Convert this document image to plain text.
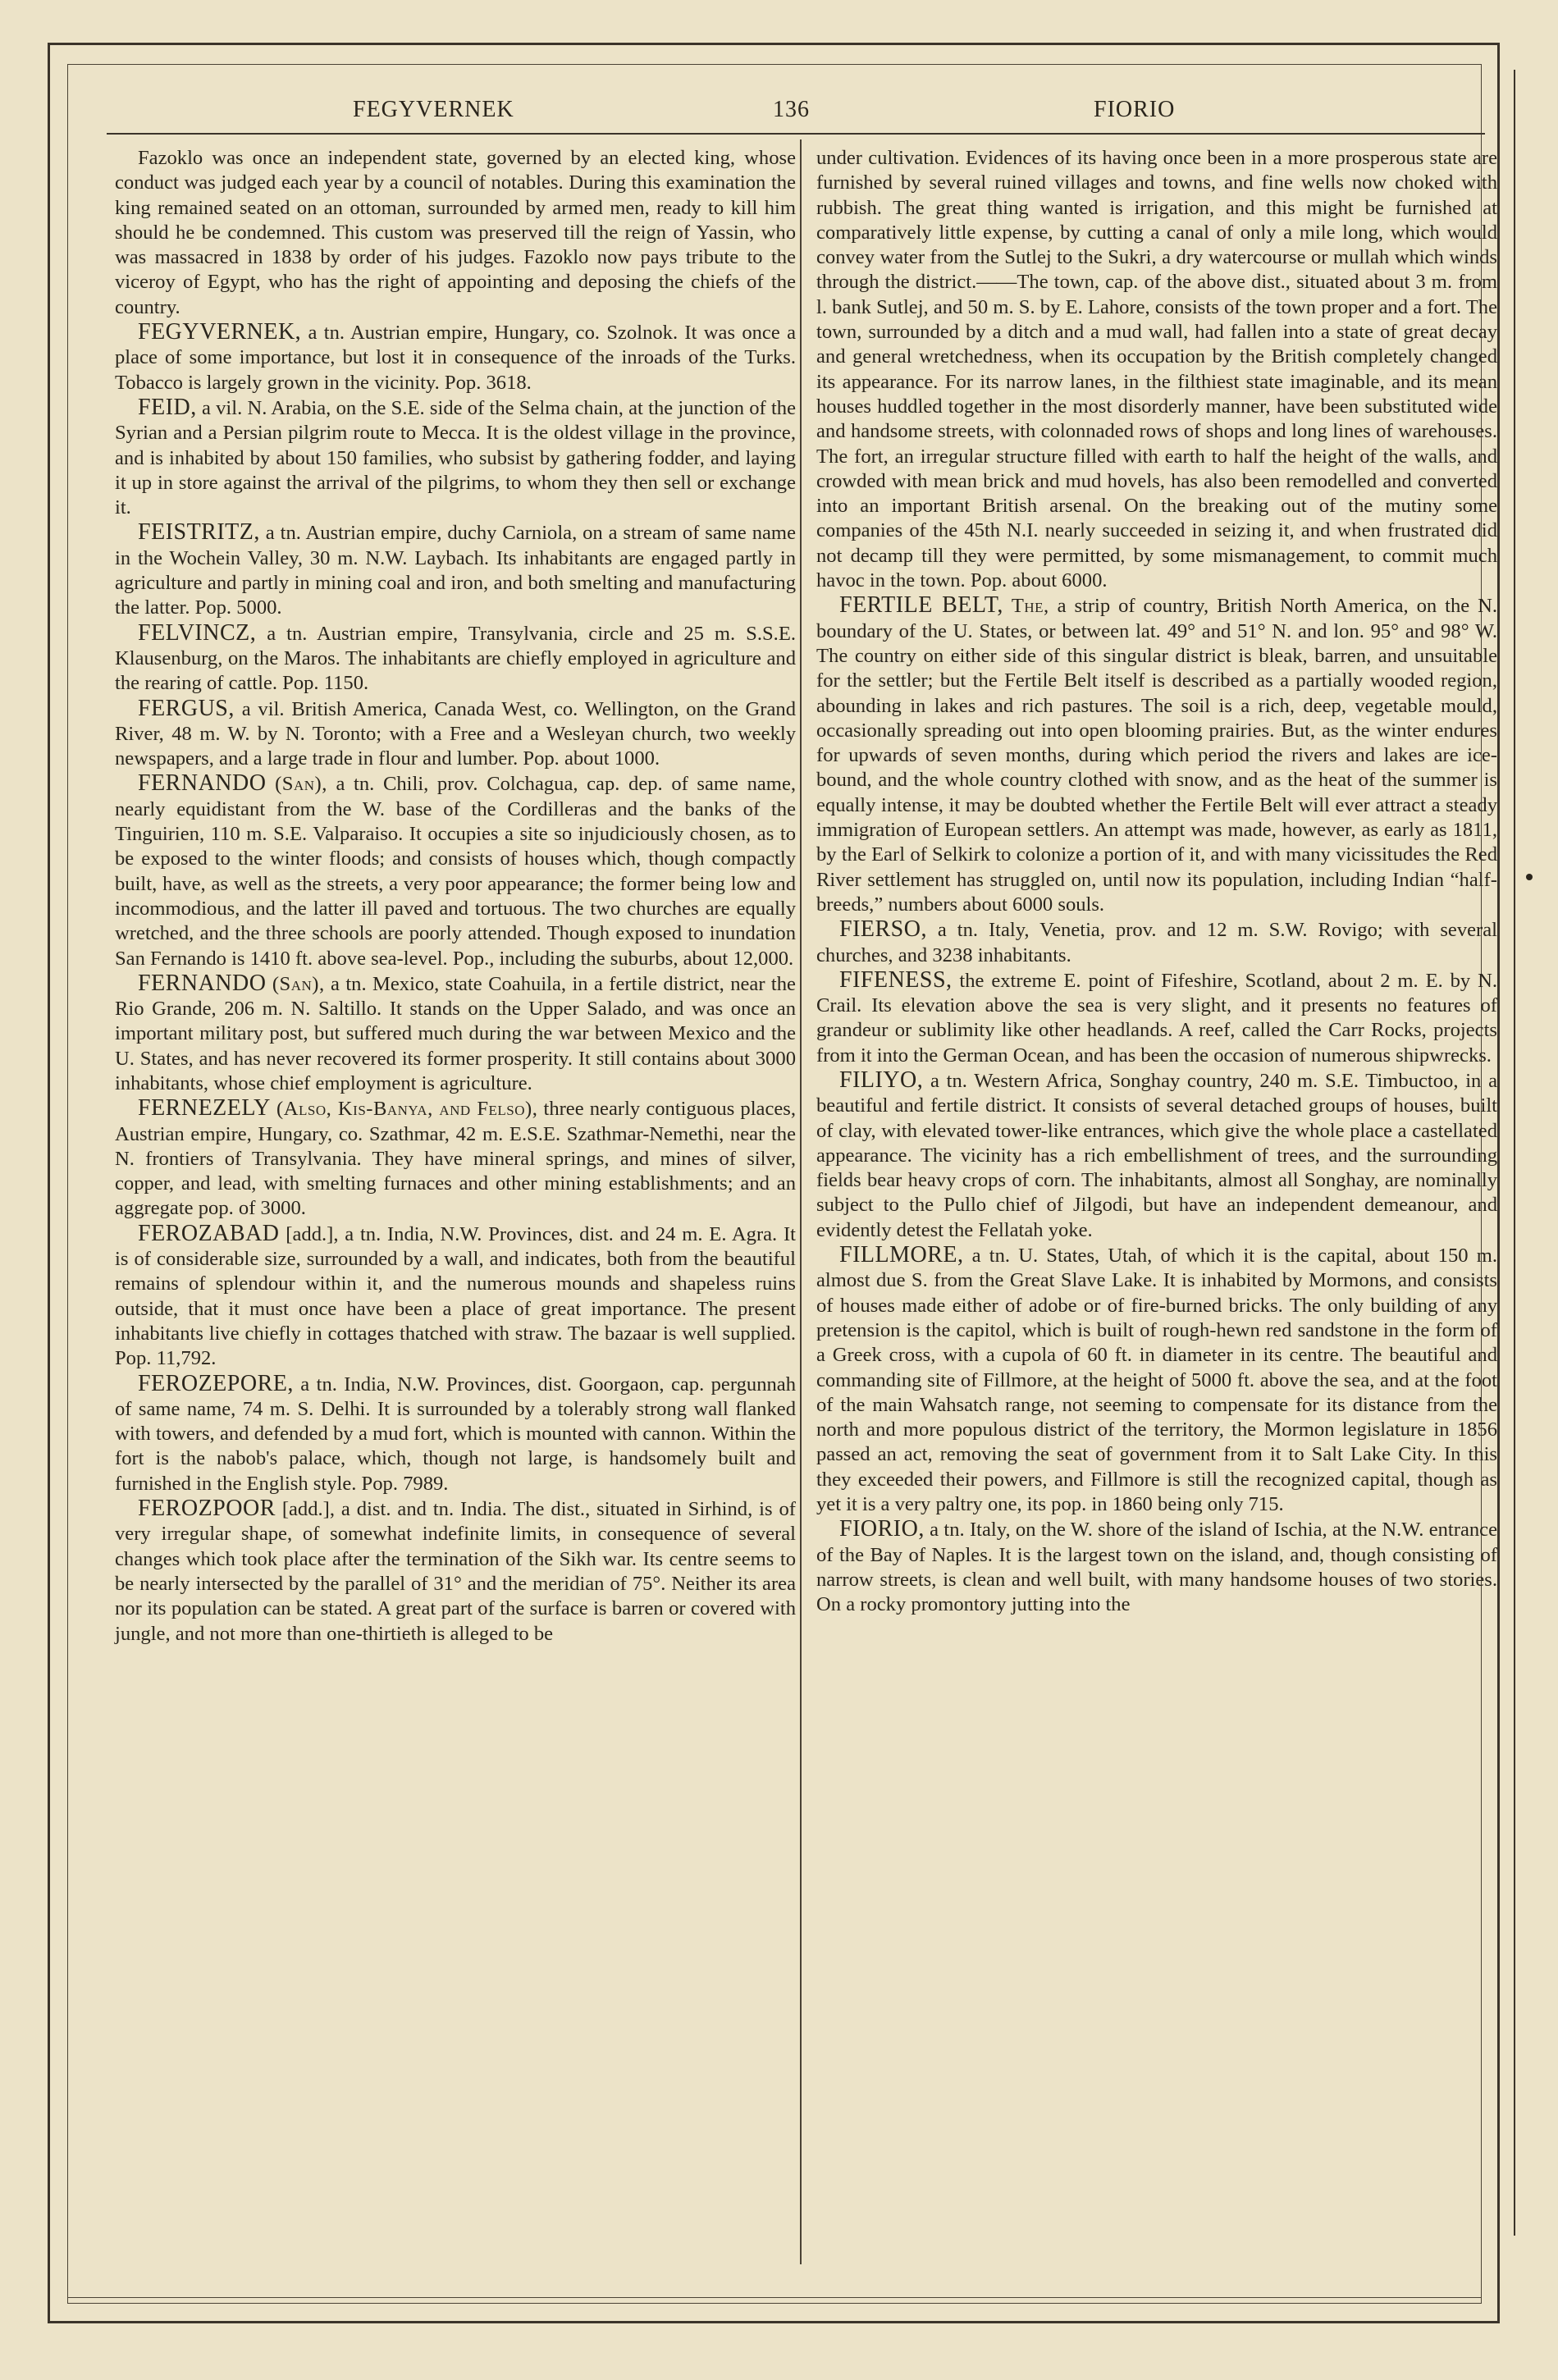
FEGYVERNEK	136	FIORIO

Fazoklo was once an independent state, governed by an elected king, whose conduct was judged each year by a council of notables. During this examination the king remained seated on an ottoman, surrounded by armed men, ready to kill him should he be condemned. This custom was preserved till the reign of Yassin, who was massacred in 1838 by order of his judges. Fazoklo now pays tribute to the viceroy of Egypt, who has the right of appointing and deposing the chiefs of the country.

FEGYVERNEK, a tn. Austrian empire, Hungary, co. Szolnok. It was once a place of some importance, but lost it in consequence of the inroads of the Turks. Tobacco is largely grown in the vicinity. Pop. 3618.

FEID, a vil. N. Arabia, on the S.E. side of the Selma chain, at the junction of the Syrian and a Persian pilgrim route to Mecca. It is the oldest village in the province, and is inhabited by about 150 families, who subsist by gathering fodder, and laying it up in store against the arrival of the pilgrims, to whom they then sell or exchange it.

FEISTRITZ, a tn. Austrian empire, duchy Carniola, on a stream of same name in the Wochein Valley, 30 m. N.W. Laybach. Its inhabitants are engaged partly in agriculture and partly in mining coal and iron, and both smelting and manufacturing the latter. Pop. 5000.

FELVINCZ, a tn. Austrian empire, Transylvania, circle and 25 m. S.S.E. Klausenburg, on the Maros. The inhabitants are chiefly employed in agriculture and the rearing of cattle. Pop. 1150.

FERGUS, a vil. British America, Canada West, co. Wellington, on the Grand River, 48 m. W. by N. Toronto; with a Free and a Wesleyan church, two weekly newspapers, and a large trade in flour and lumber. Pop. about 1000.

FERNANDO (San), a tn. Chili, prov. Colchagua, cap. dep. of same name, nearly equidistant from the W. base of the Cordilleras and the banks of the Tinguirien, 110 m. S.E. Valparaiso. It occupies a site so injudiciously chosen, as to be exposed to the winter floods; and consists of houses which, though compactly built, have, as well as the streets, a very poor appearance; the former being low and incommodious, and the latter ill paved and tortuous. The two churches are equally wretched, and the three schools are poorly attended. Though exposed to inundation San Fernando is 1410 ft. above sea-level. Pop., including the suburbs, about 12,000.

FERNANDO (San), a tn. Mexico, state Coahuila, in a fertile district, near the Rio Grande, 206 m. N. Saltillo. It stands on the Upper Salado, and was once an important military post, but suffered much during the war between Mexico and the U. States, and has never recovered its former prosperity. It still contains about 3000 inhabitants, whose chief employment is agriculture.

FERNEZELY (Also, Kis-Banya, and Felso), three nearly contiguous places, Austrian empire, Hungary, co. Szathmar, 42 m. E.S.E. Szathmar-Nemethi, near the N. frontiers of Transylvania. They have mineral springs, and mines of silver, copper, and lead, with smelting furnaces and other mining establishments; and an aggregate pop. of 3000.

FEROZABAD [add.], a tn. India, N.W. Provinces, dist. and 24 m. E. Agra. It is of considerable size, surrounded by a wall, and indicates, both from the beautiful remains of splendour within it, and the numerous mounds and shapeless ruins outside, that it must once have been a place of great importance. The present inhabitants live chiefly in cottages thatched with straw. The bazaar is well supplied. Pop. 11,792.

FEROZEPORE, a tn. India, N.W. Provinces, dist. Goorgaon, cap. pergunnah of same name, 74 m. S. Delhi. It is surrounded by a tolerably strong wall flanked with towers, and defended by a mud fort, which is mounted with cannon. Within the fort is the nabob's palace, which, though not large, is handsomely built and furnished in the English style. Pop. 7989.

FEROZPOOR [add.], a dist. and tn. India. The dist., situated in Sirhind, is of very irregular shape, of somewhat indefinite limits, in consequence of several changes which took place after the termination of the Sikh war. Its centre seems to be nearly intersected by the parallel of 31° and the meridian of 75°. Neither its area nor its population can be stated. A great part of the surface is barren or covered with jungle, and not more than one-thirtieth is alleged to be

under cultivation. Evidences of its having once been in a more prosperous state are furnished by several ruined villages and towns, and fine wells now choked with rubbish. The great thing wanted is irrigation, and this might be furnished at comparatively little expense, by cutting a canal of only a mile long, which would convey water from the Sutlej to the Sukri, a dry watercourse or mullah which winds through the district.——The town, cap. of the above dist., situated about 3 m. from l. bank Sutlej, and 50 m. S. by E. Lahore, consists of the town proper and a fort. The town, surrounded by a ditch and a mud wall, had fallen into a state of great decay and general wretchedness, when its occupation by the British completely changed its appearance. For its narrow lanes, in the filthiest state imaginable, and its mean houses huddled together in the most disorderly manner, have been substituted wide and handsome streets, with colonnaded rows of shops and long lines of warehouses. The fort, an irregular structure filled with earth to half the height of the walls, and crowded with mean brick and mud hovels, has also been remodelled and converted into an important British arsenal. On the breaking out of the mutiny some companies of the 45th N.I. nearly succeeded in seizing it, and when frustrated did not decamp till they were permitted, by some mismanagement, to commit much havoc in the town. Pop. about 6000.

FERTILE BELT, The, a strip of country, British North America, on the N. boundary of the U. States, or between lat. 49° and 51° N. and lon. 95° and 98° W. The country on either side of this singular district is bleak, barren, and unsuitable for the settler; but the Fertile Belt itself is described as a partially wooded region, abounding in lakes and rich pastures. The soil is a rich, deep, vegetable mould, occasionally spreading out into open blooming prairies. But, as the winter endures for upwards of seven months, during which period the rivers and lakes are ice-bound, and the whole country clothed with snow, and as the heat of the summer is equally intense, it may be doubted whether the Fertile Belt will ever attract a steady immigration of European settlers. An attempt was made, however, as early as 1811, by the Earl of Selkirk to colonize a portion of it, and with many vicissitudes the Red River settlement has struggled on, until now its population, including Indian “half-breeds,” numbers about 6000 souls.

FIERSO, a tn. Italy, Venetia, prov. and 12 m. S.W. Rovigo; with several churches, and 3238 inhabitants.

FIFENESS, the extreme E. point of Fifeshire, Scotland, about 2 m. E. by N. Crail. Its elevation above the sea is very slight, and it presents no features of grandeur or sublimity like other headlands. A reef, called the Carr Rocks, projects from it into the German Ocean, and has been the occasion of numerous shipwrecks.

FILIYO, a tn. Western Africa, Songhay country, 240 m. S.E. Timbuctoo, in a beautiful and fertile district. It consists of several detached groups of houses, built of clay, with elevated tower-like entrances, which give the whole place a castellated appearance. The vicinity has a rich embellishment of trees, and the surrounding fields bear heavy crops of corn. The inhabitants, almost all Songhay, are nominally subject to the Pullo chief of Jilgodi, but have an independent demeanour, and evidently detest the Fellatah yoke.

FILLMORE, a tn. U. States, Utah, of which it is the capital, about 150 m. almost due S. from the Great Slave Lake. It is inhabited by Mormons, and consists of houses made either of adobe or of fire-burned bricks. The only building of any pretension is the capitol, which is built of rough-hewn red sandstone in the form of a Greek cross, with a cupola of 60 ft. in diameter in its centre. The beautiful and commanding site of Fillmore, at the height of 5000 ft. above the sea, and at the foot of the main Wahsatch range, not seeming to compensate for its distance from the north and more populous district of the territory, the Mormon legislature in 1856 passed an act, removing the seat of government from it to Salt Lake City. In this they exceeded their powers, and Fillmore is still the recognized capital, though as yet it is a very paltry one, its pop. in 1860 being only 715.

FIORIO, a tn. Italy, on the W. shore of the island of Ischia, at the N.W. entrance of the Bay of Naples. It is the largest town on the island, and, though consisting of narrow streets, is clean and well built, with many handsome houses of two stories. On a rocky promontory jutting into the
